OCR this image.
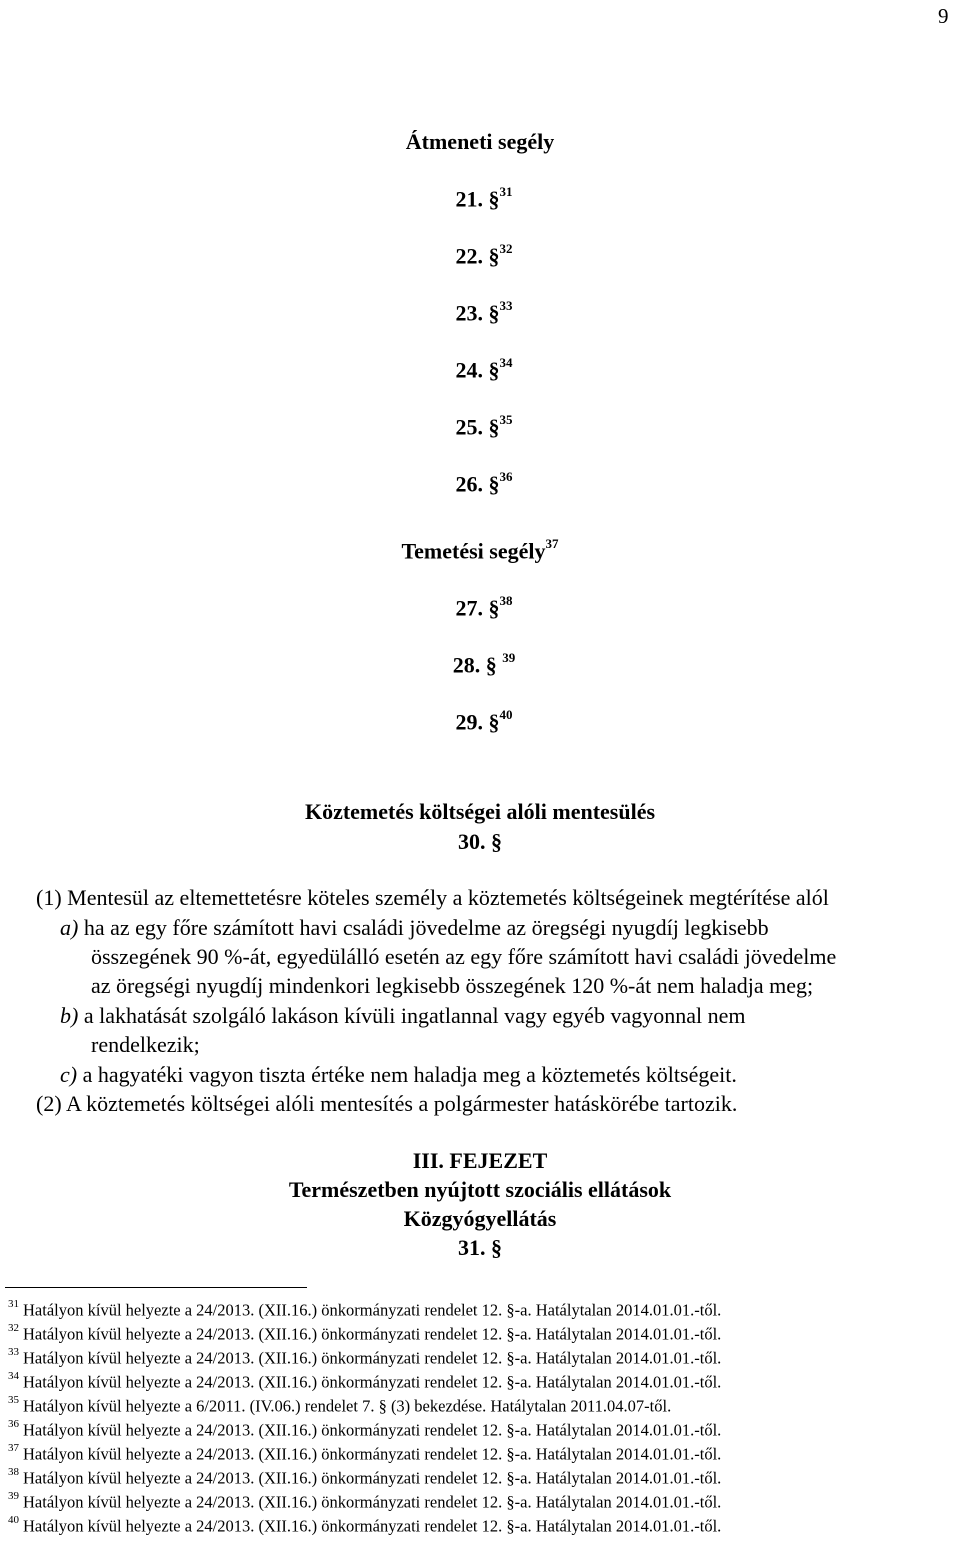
9
Átmeneti segély
21. §$^{31}$
22. §$^{32}$
23. §$^{33}$
24. §$^{34}$
25. §$^{35}$
26. §$^{36}$
Temetési segély$^{37}$
27. §$^{38}$
28. § $^{39}$
29. §$^{40}$
Köztemetés költségei alóli mentesülés
30. §
(1) Mentesül az eltemettetésre köteles személy a köztemetés költségeinek megtérítése alól
a) ha az egy főre számított havi családi jövedelme az öregségi nyugdíj legkisebb
összegének 90 %-át, egyedülálló esetén az egy főre számított havi családi jövedelme
az öregségi nyugdíj mindenkori legkisebb összegének 120 %-át nem haladja meg;
b) a lakhatását szolgáló lakáson kívüli ingatlannal vagy egyéb vagyonnal nem
rendelkezik;
c) a hagyatéki vagyon tiszta értéke nem haladja meg a köztemetés költségeit.
(2) A köztemetés költségei alóli mentesítés a polgármester hatáskörébe tartozik.
III. FEJEZET
Természetben nyújtott szociális ellátások
Közgyógyellátás
31. §
$^{31}$ Hatályon kívül helyezte a 24/2013. (XII.16.) önkormányzati rendelet 12. §-a. Hatálytalan 2014.01.01.-től.
$^{32}$ Hatályon kívül helyezte a 24/2013. (XII.16.) önkormányzati rendelet 12. §-a. Hatálytalan 2014.01.01.-től.
$^{33}$ Hatályon kívül helyezte a 24/2013. (XII.16.) önkormányzati rendelet 12. §-a. Hatálytalan 2014.01.01.-től.
$^{34}$ Hatályon kívül helyezte a 24/2013. (XII.16.) önkormányzati rendelet 12. §-a. Hatálytalan 2014.01.01.-től.
$^{35}$ Hatályon kívül helyezte a 6/2011. (IV.06.) rendelet 7. § (3) bekezdése. Hatálytalan 2011.04.07-től.
$^{36}$ Hatályon kívül helyezte a 24/2013. (XII.16.) önkormányzati rendelet 12. §-a. Hatálytalan 2014.01.01.-től.
$^{37}$ Hatályon kívül helyezte a 24/2013. (XII.16.) önkormányzati rendelet 12. §-a. Hatálytalan 2014.01.01.-től.
$^{38}$ Hatályon kívül helyezte a 24/2013. (XII.16.) önkormányzati rendelet 12. §-a. Hatálytalan 2014.01.01.-től.
$^{39}$ Hatályon kívül helyezte a 24/2013. (XII.16.) önkormányzati rendelet 12. §-a. Hatálytalan 2014.01.01.-től.
$^{40}$ Hatályon kívül helyezte a 24/2013. (XII.16.) önkormányzati rendelet 12. §-a. Hatálytalan 2014.01.01.-től.
